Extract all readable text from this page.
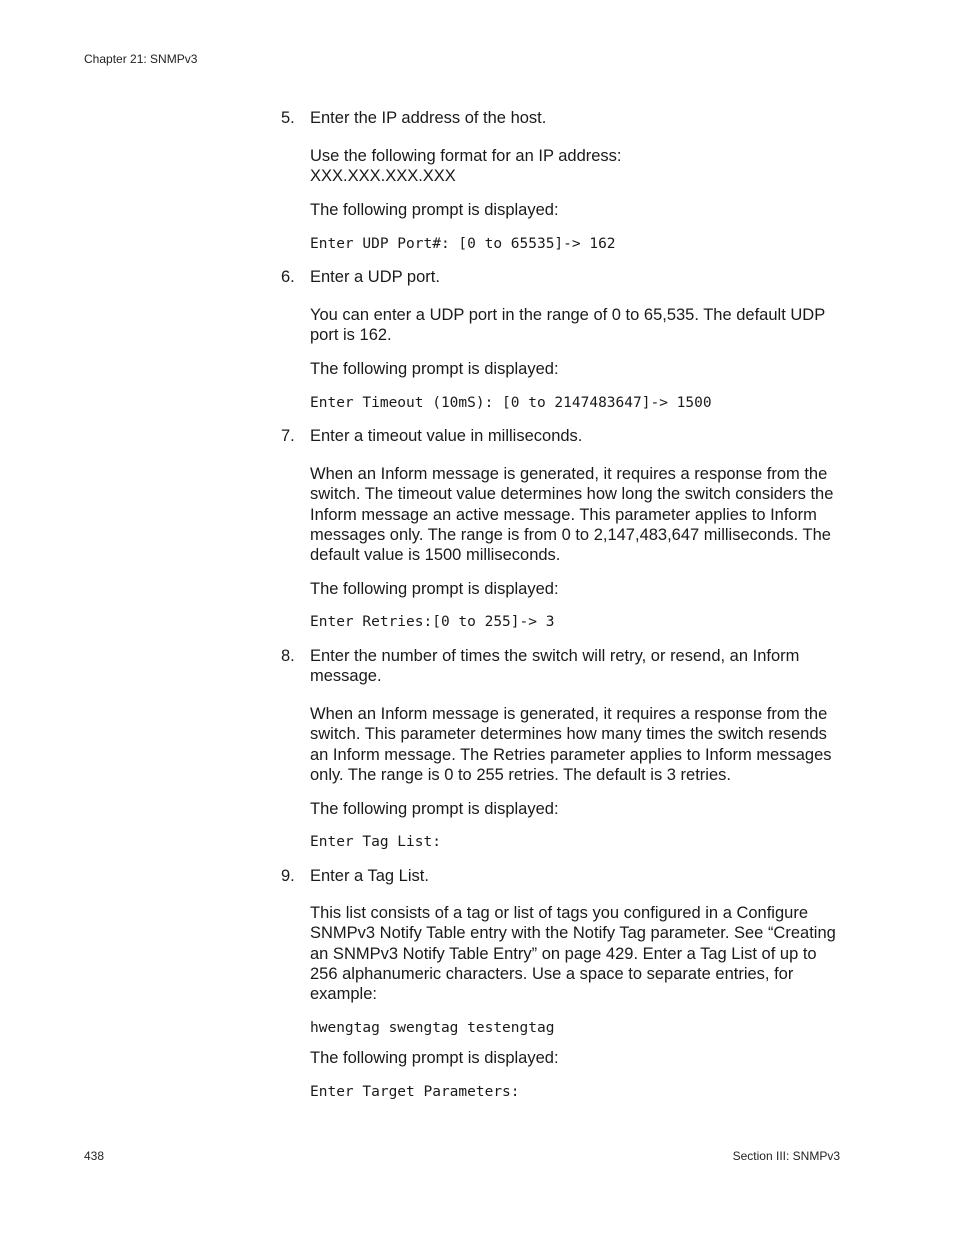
Chapter 21: SNMPv3
5. Enter the IP address of the host.
Use the following format for an IP address:
XXX.XXX.XXX.XXX
The following prompt is displayed:
Enter UDP Port#: [0 to 65535]-> 162
6. Enter a UDP port.
You can enter a UDP port in the range of 0 to 65,535. The default UDP port is 162.
The following prompt is displayed:
Enter Timeout (10mS): [0 to 2147483647]-> 1500
7. Enter a timeout value in milliseconds.
When an Inform message is generated, it requires a response from the switch. The timeout value determines how long the switch considers the Inform message an active message. This parameter applies to Inform messages only. The range is from 0 to 2,147,483,647 milliseconds. The default value is 1500 milliseconds.
The following prompt is displayed:
Enter Retries:[0 to 255]-> 3
8. Enter the number of times the switch will retry, or resend, an Inform message.
When an Inform message is generated, it requires a response from the switch. This parameter determines how many times the switch resends an Inform message. The Retries parameter applies to Inform messages only. The range is 0 to 255 retries. The default is 3 retries.
The following prompt is displayed:
Enter Tag List:
9. Enter a Tag List.
This list consists of a tag or list of tags you configured in a Configure SNMPv3 Notify Table entry with the Notify Tag parameter. See “Creating an SNMPv3 Notify Table Entry” on page 429. Enter a Tag List of up to 256 alphanumeric characters. Use a space to separate entries, for example:
hwengtag swengtag testengtag
The following prompt is displayed:
Enter Target Parameters:
438	Section III: SNMPv3
